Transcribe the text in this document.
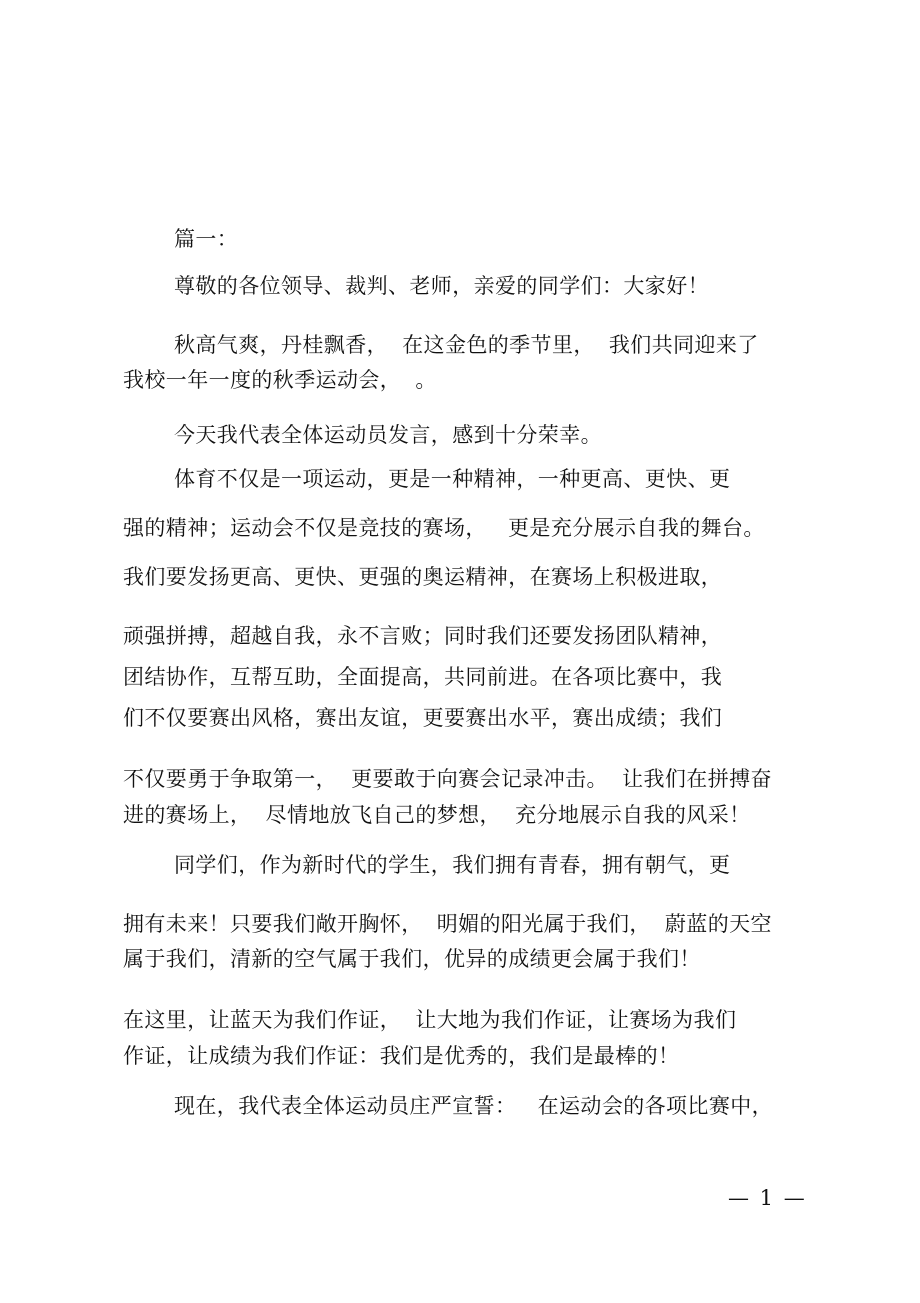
篇一：
尊敬的各位领导、裁判、老师，亲爱的同学们：大家好！
秋高气爽，丹桂飘香，  在这金色的季节里，  我们共同迎来了
我校一年一度的秋季运动会，  。
今天我代表全体运动员发言，感到十分荣幸。
体育不仅是一项运动，更是一种精神，一种更高、更快、更
强的精神；运动会不仅是竞技的赛场，   更是充分展示自我的舞台。
我们要发扬更高、更快、更强的奥运精神，在赛场上积极进取，
顽强拼搏，超越自我，永不言败；同时我们还要发扬团队精神，
团结协作，互帮互助，全面提高，共同前进。在各项比赛中，我
们不仅要赛出风格，赛出友谊，更要赛出水平，赛出成绩；我们
不仅要勇于争取第一，  更要敢于向赛会记录冲击。  让我们在拼搏奋
进的赛场上，  尽情地放飞自己的梦想，  充分地展示自我的风采！
同学们，作为新时代的学生，我们拥有青春，拥有朝气，更
拥有未来！只要我们敞开胸怀，  明媚的阳光属于我们，  蔚蓝的天空
属于我们，清新的空气属于我们，优异的成绩更会属于我们！
在这里，让蓝天为我们作证，  让大地为我们作证，让赛场为我们
作证，让成绩为我们作证：我们是优秀的，我们是最棒的！
现在，我代表全体运动员庄严宣誓：   在运动会的各项比赛中，
— 1 —
